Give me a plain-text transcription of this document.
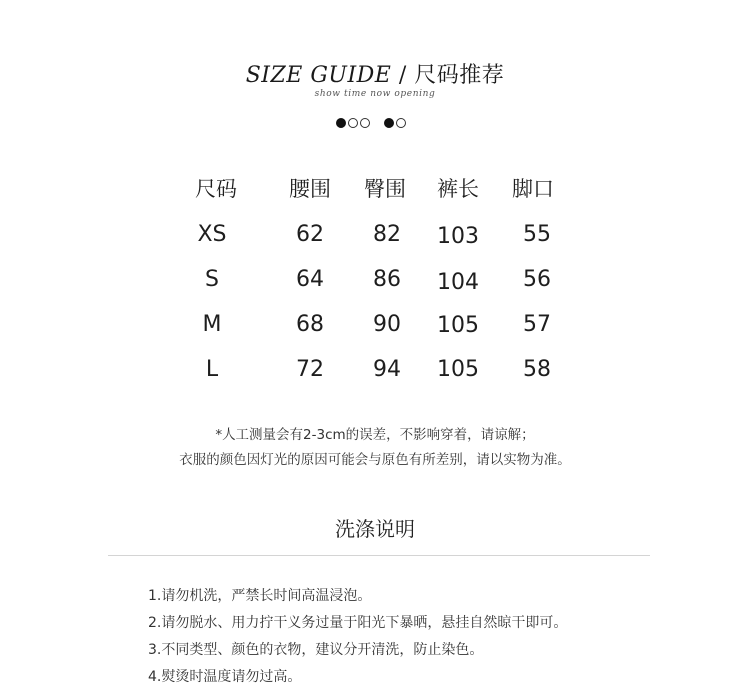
SIZE GUIDE / 尺码推荐
show time now opening
尺码	腰围	臀围	裤长	脚口
XS	62	82	103	55
S	64	86	104	56
M	68	90	105	57
L	72	94	105	58
*人工测量会有2-3cm的误差，不影响穿着，请谅解；
衣服的颜色因灯光的原因可能会与原色有所差别，请以实物为准。
洗涤说明
1.请勿机洗，严禁长时间高温浸泡。
2.请勿脱水、用力拧干义务过量于阳光下暴晒，悬挂自然晾干即可。
3.不同类型、颜色的衣物，建议分开清洗，防止染色。
4.熨烫时温度请勿过高。
